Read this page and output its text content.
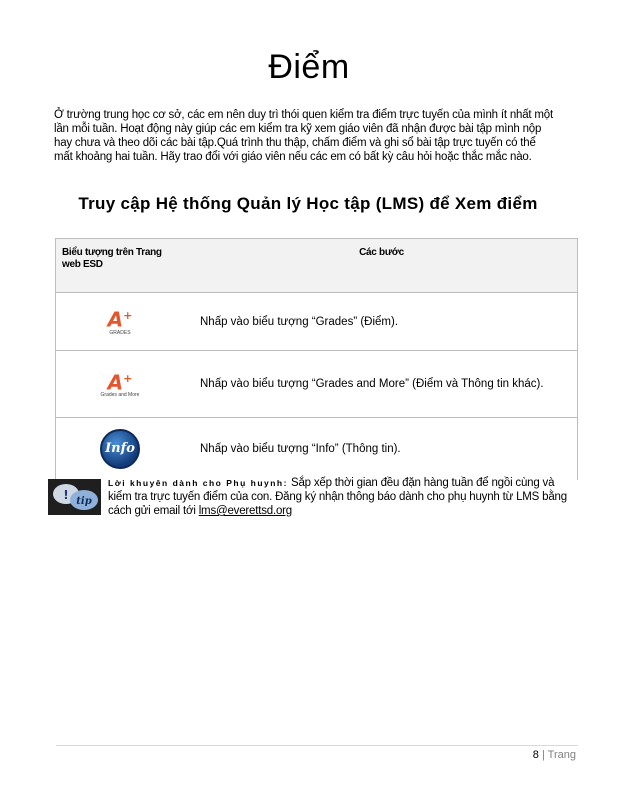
Điểm
Ở trường trung học cơ sở, các em nên duy trì thói quen kiểm tra điểm trực tuyến của mình ít nhất một lần mỗi tuần. Hoạt động này giúp các em kiểm tra kỹ xem giáo viên đã nhận được bài tập mình nộp hay chưa và theo dõi các bài tập.Quá trình thu thập, chấm điểm và ghi sổ bài tập trực tuyến có thể mất khoảng hai tuần. Hãy trao đổi với giáo viên nếu các em có bất kỳ câu hỏi hoặc thắc mắc nào.
Truy cập Hệ thống Quản lý Học tập (LMS) để Xem điểm
Biểu tượng trên Trang web ESD	Các bước

A+
GRADES	Nhấp vào biểu tượng “Grades” (Điểm).

A+
Grades and More	Nhấp vào biểu tượng “Grades and More” (Điểm và Thông tin khác).
Info	Nhấp vào biểu tượng “Info” (Thông tin).
! tip
Lời khuyên dành cho Phụ huynh: Sắp xếp thời gian đều đặn hàng tuần để ngồi cùng và kiểm tra trực tuyến điểm của con. Đăng ký nhận thông báo dành cho phụ huynh từ LMS bằng cách gửi email tới lms@everettsd.org
8 | Trang
